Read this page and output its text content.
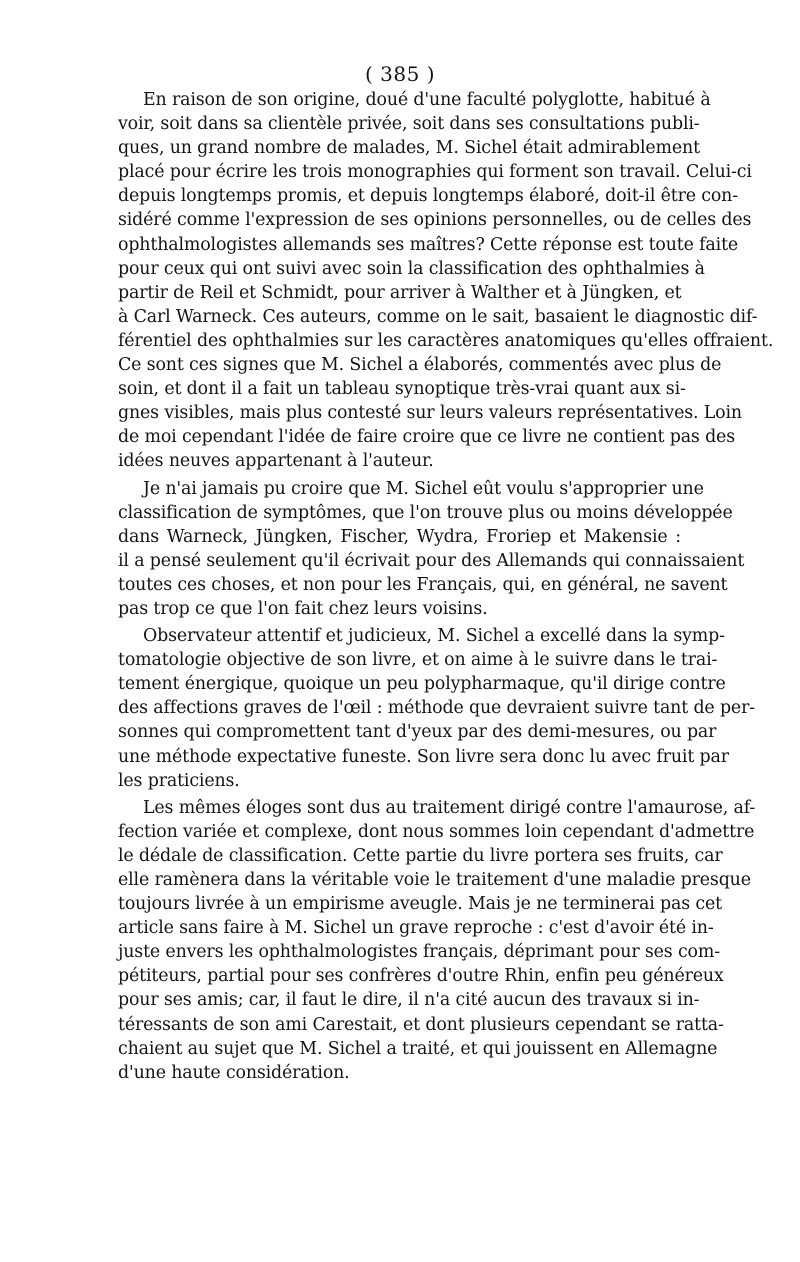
( 385 )
En raison de son origine, doué d'une faculté polyglotte, habitué à
voir, soit dans sa clientèle privée, soit dans ses consultations publi-
ques, un grand nombre de malades, M. Sichel était admirablement
placé pour écrire les trois monographies qui forment son travail. Celui-ci
depuis longtemps promis, et depuis longtemps élaboré, doit-il être con-
sidéré comme l'expression de ses opinions personnelles, ou de celles des
ophthalmologistes allemands ses maîtres? Cette réponse est toute faite
pour ceux qui ont suivi avec soin la classification des ophthalmies à
partir de Reil et Schmidt, pour arriver à Walther et à Jüngken, et
à Carl Warneck. Ces auteurs, comme on le sait, basaient le diagnostic dif-
férentiel des ophthalmies sur les caractères anatomiques qu'elles offraient.
Ce sont ces signes que M. Sichel a élaborés, commentés avec plus de
soin, et dont il a fait un tableau synoptique très-vrai quant aux si-
gnes visibles, mais plus contesté sur leurs valeurs représentatives. Loin
de moi cependant l'idée de faire croire que ce livre ne contient pas des
idées neuves appartenant à l'auteur.
Je n'ai jamais pu croire que M. Sichel eût voulu s'approprier une
classification de symptômes, que l'on trouve plus ou moins développée
dans Warneck, Jüngken, Fischer, Wydra, Froriep et Makensie :
il a pensé seulement qu'il écrivait pour des Allemands qui connaissaient
toutes ces choses, et non pour les Français, qui, en général, ne savent
pas trop ce que l'on fait chez leurs voisins.
Observateur attentif et judicieux, M. Sichel a excellé dans la symp-
tomatologie objective de son livre, et on aime à le suivre dans le trai-
tement énergique, quoique un peu polypharmaque, qu'il dirige contre
des affections graves de l'œil : méthode que devraient suivre tant de per-
sonnes qui compromettent tant d'yeux par des demi-mesures, ou par
une méthode expectative funeste. Son livre sera donc lu avec fruit par
les praticiens.
Les mêmes éloges sont dus au traitement dirigé contre l'amaurose, af-
fection variée et complexe, dont nous sommes loin cependant d'admettre
le dédale de classification. Cette partie du livre portera ses fruits, car
elle ramènera dans la véritable voie le traitement d'une maladie presque
toujours livrée à un empirisme aveugle. Mais je ne terminerai pas cet
article sans faire à M. Sichel un grave reproche : c'est d'avoir été in-
juste envers les ophthalmologistes français, déprimant pour ses com-
pétiteurs, partial pour ses confrères d'outre Rhin, enfin peu généreux
pour ses amis; car, il faut le dire, il n'a cité aucun des travaux si in-
téressants de son ami Carestait, et dont plusieurs cependant se ratta-
chaient au sujet que M. Sichel a traité, et qui jouissent en Allemagne
d'une haute considération.
